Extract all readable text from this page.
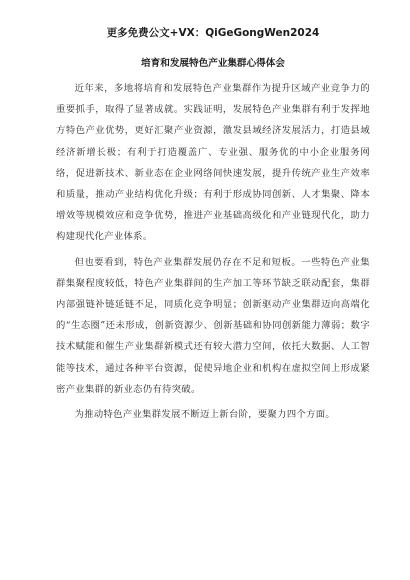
更多免费公文+VX：QiGeGongWen2024
培育和发展特色产业集群心得体会

近年来，多地将培育和发展特色产业集群作为提升区域产业竞争力的重要抓手，取得了显著成就。实践证明，发展特色产业集群有利于发挥地方特色产业优势，更好汇聚产业资源，激发县域经济发展活力，打造县域经济新增长极；有利于打造覆盖广、专业强、服务优的中小企业服务网络，促进新技术、新业态在企业网络间快速发展，提升传统产业生产效率和质量，推动产业结构优化升级；有利于形成协同创新、人才集聚、降本增效等规模效应和竞争优势，推进产业基础高级化和产业链现代化，助力构建现代化产业体系。

但也要看到，特色产业集群发展仍存在不足和短板。一些特色产业集群集聚程度较低，特色产业集群间的生产加工等环节缺乏联动配套，集群内部强链补链延链不足，同质化竞争明显；创新驱动产业集群迈向高端化的“生态圈”还未形成，创新资源少、创新基础和协同创新能力薄弱；数字技术赋能和催生产业集群新模式还有较大潜力空间，依托大数据、人工智能等技术，通过各种平台资源，促使异地企业和机构在虚拟空间上形成紧密产业集群的新业态仍有待突破。

为推动特色产业集群发展不断迈上新台阶，要聚力四个方面。
